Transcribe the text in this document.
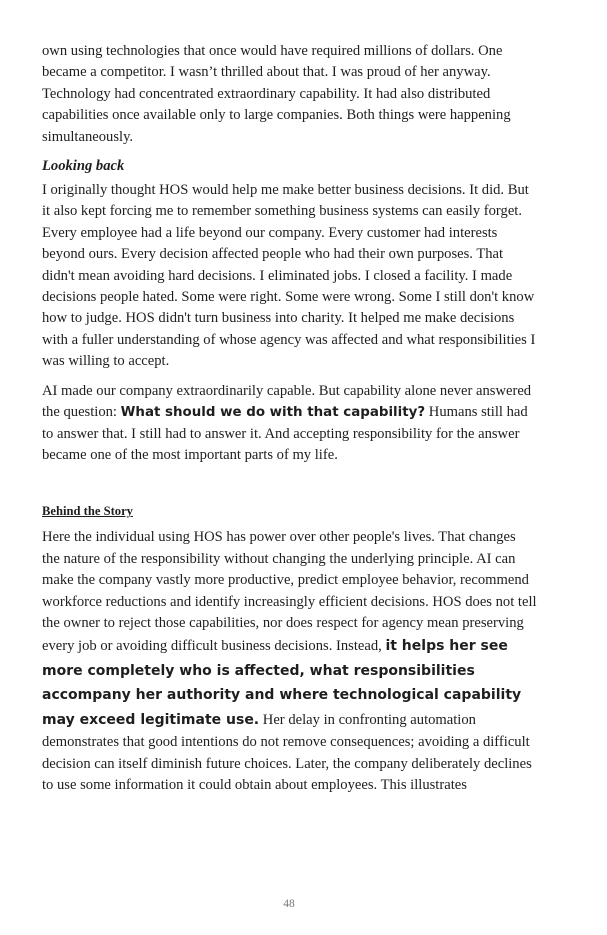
own using technologies that once would have required millions of dollars. One became a competitor. I wasn’t thrilled about that. I was proud of her anyway. Technology had concentrated extraordinary capability. It had also distributed capabilities once available only to large companies. Both things were happening simultaneously.

Looking back

I originally thought HOS would help me make better business decisions. It did. But it also kept forcing me to remember something business systems can easily forget. Every employee had a life beyond our company. Every customer had interests beyond ours. Every decision affected people who had their own purposes. That didn't mean avoiding hard decisions. I eliminated jobs. I closed a facility. I made decisions people hated. Some were right. Some were wrong. Some I still don't know how to judge. HOS didn't turn business into charity. It helped me make decisions with a fuller understanding of whose agency was affected and what responsibilities I was willing to accept.

AI made our company extraordinarily capable. But capability alone never answered the question: What should we do with that capability? Humans still had to answer that. I still had to answer it. And accepting responsibility for the answer became one of the most important parts of my life.

Behind the Story

Here the individual using HOS has power over other people's lives. That changes the nature of the responsibility without changing the underlying principle. AI can make the company vastly more productive, predict employee behavior, recommend workforce reductions and identify increasingly efficient decisions. HOS does not tell the owner to reject those capabilities, nor does respect for agency mean preserving every job or avoiding difficult business decisions. Instead, it helps her see more completely who is affected, what responsibilities accompany her authority and where technological capability may exceed legitimate use. Her delay in confronting automation demonstrates that good intentions do not remove consequences; avoiding a difficult decision can itself diminish future choices. Later, the company deliberately declines to use some information it could obtain about employees. This illustrates

48
